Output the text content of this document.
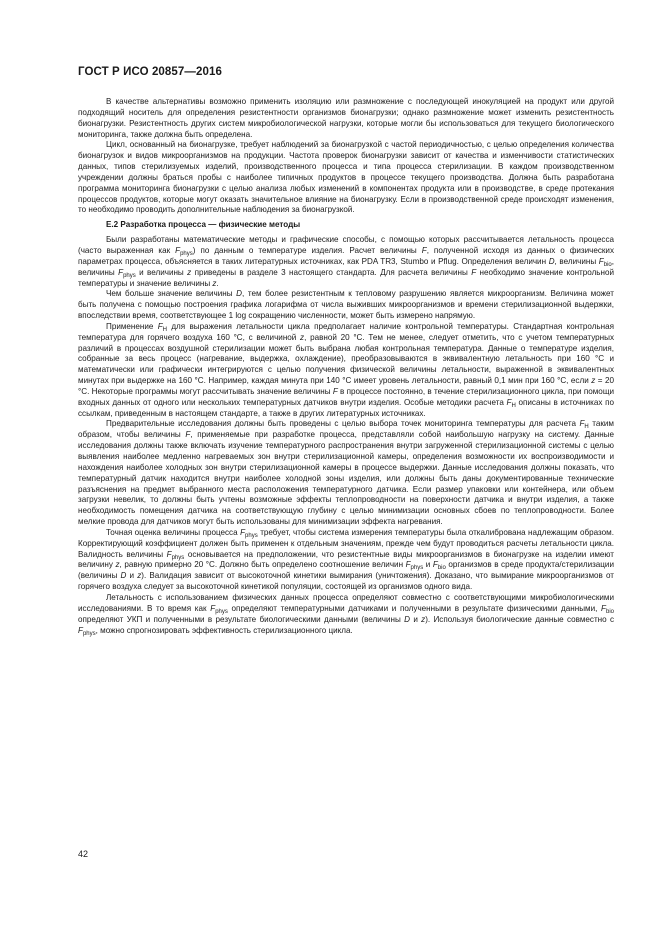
ГОСТ Р ИСО 20857—2016

В качестве альтернативы возможно применить изоляцию или размножение с последующей инокуляцией на продукт или другой подходящий носитель для определения резистентности организмов бионагрузки; однако размножение может изменить резистентность бионагрузки. Резистентность других систем микробиологической нагрузки, которые могли бы использоваться для текущего биологического мониторинга, также должна быть определена.

Цикл, основанный на бионагрузке, требует наблюдений за бионагрузкой с частой периодичностью, с целью определения количества бионагрузок и видов микроорганизмов на продукции. Частота проверок бионагрузки зависит от качества и изменчивости статистических данных, типов стерилизуемых изделий, производственного процесса и типа процесса стерилизации. В каждом производственном учреждении должны браться пробы с наиболее типичных продуктов в процессе текущего производства. Должна быть разработана программа мониторинга бионагрузки с целью анализа любых изменений в компонентах продукта или в производстве, в среде протекания процессов продуктов, которые могут оказать значительное влияние на бионагрузку. Если в производственной среде происходят изменения, то необходимо проводить дополнительные наблюдения за бионагрузкой.

Е.2 Разработка процесса — физические методы

Были разработаны математические методы и графические способы, с помощью которых рассчитывается летальность процесса (часто выраженная как $F_{phys}$) по данным о температуре изделия. Расчет величины F, полученной исходя из данных о физических параметрах процесса, объясняется в таких литературных источниках, как PDA TR3, Stumbo и Pflug. Определения величин D, величины $F_{bio}$, величины $F_{phys}$ и величины z приведены в разделе 3 настоящего стандарта. Для расчета величины F необходимо значение контрольной температуры и значение величины z.

Чем больше значение величины D, тем более резистентным к тепловому разрушению является микроорганизм. Величина может быть получена с помощью построения графика логарифма от числа выживших микроорганизмов и времени стерилизационной выдержки, впоследствии время, соответствующее 1 log сокращению численности, может быть измерено напрямую.

Применение $F_H$ для выражения летальности цикла предполагает наличие контрольной температуры. Стандартная контрольная температура для горячего воздуха 160 °С, с величиной z, равной 20 °С. Тем не менее, следует отметить, что с учетом температурных различий в процессах воздушной стерилизации может быть выбрана любая контрольная температура. Данные о температуре изделия, собранные за весь процесс (нагревание, выдержка, охлаждение), преобразовываются в эквивалентную летальность при 160 °С и математически или графически интегрируются с целью получения физической величины летальности, выраженной в эквивалентных минутах при выдержке на 160 °С. Например, каждая минута при 140 °С имеет уровень летальности, равный 0,1 мин при 160 °С, если z = 20 °С. Некоторые программы могут рассчитывать значение величины F в процессе постоянно, в течение стерилизационного цикла, при помощи входных данных от одного или нескольких температурных датчиков внутри изделия. Особые методики расчета $F_H$ описаны в источниках по ссылкам, приведенным в настоящем стандарте, а также в других литературных источниках.

Предварительные исследования должны быть проведены с целью выбора точек мониторинга температуры для расчета $F_H$ таким образом, чтобы величины F, применяемые при разработке процесса, представляли собой наибольшую нагрузку на систему. Данные исследования должны также включать изучение температурного распространения внутри загруженной стерилизационной системы с целью выявления наиболее медленно нагреваемых зон внутри стерилизационной камеры, определения возможности их воспроизводимости и нахождения наиболее холодных зон внутри стерилизационной камеры в процессе выдержки. Данные исследования должны показать, что температурный датчик находится внутри наиболее холодной зоны изделия, или должны быть даны документированные технические разъяснения на предмет выбранного места расположения температурного датчика. Если размер упаковки или контейнера, или объем загрузки невелик, то должны быть учтены возможные эффекты теплопроводности на поверхности датчика и внутри изделия, а также необходимость помещения датчика на соответствующую глубину с целью минимизации основных сбоев по теплопроводности. Более мелкие провода для датчиков могут быть использованы для минимизации эффекта нагревания.

Точная оценка величины процесса $F_{phys}$ требует, чтобы система измерения температуры была откалибрована надлежащим образом. Корректирующий коэффициент должен быть применен к отдельным значениям, прежде чем будут проводиться расчеты летальности цикла. Валидность величины $F_{phys}$ основывается на предположении, что резистентные виды микроорганизмов в бионагрузке на изделии имеют величину z, равную примерно 20 °С. Должно быть определено соотношение величин $F_{phys}$ и $F_{bio}$ организмов в среде продукта/стерилизации (величины D и z). Валидация зависит от высокоточной кинетики вымирания (уничтожения). Доказано, что вымирание микроорганизмов от горячего воздуха следует за высокоточной кинетикой популяции, состоящей из организмов одного вида.

Летальность с использованием физических данных процесса определяют совместно с соответствующими микробиологическими исследованиями. В то время как $F_{phys}$ определяют температурными датчиками и полученными в результате физическими данными, $F_{bio}$ определяют УКП и полученными в результате биологическими данными (величины D и z). Используя биологические данные совместно с $F_{phys}$, можно спрогнозировать эффективность стерилизационного цикла.

42
